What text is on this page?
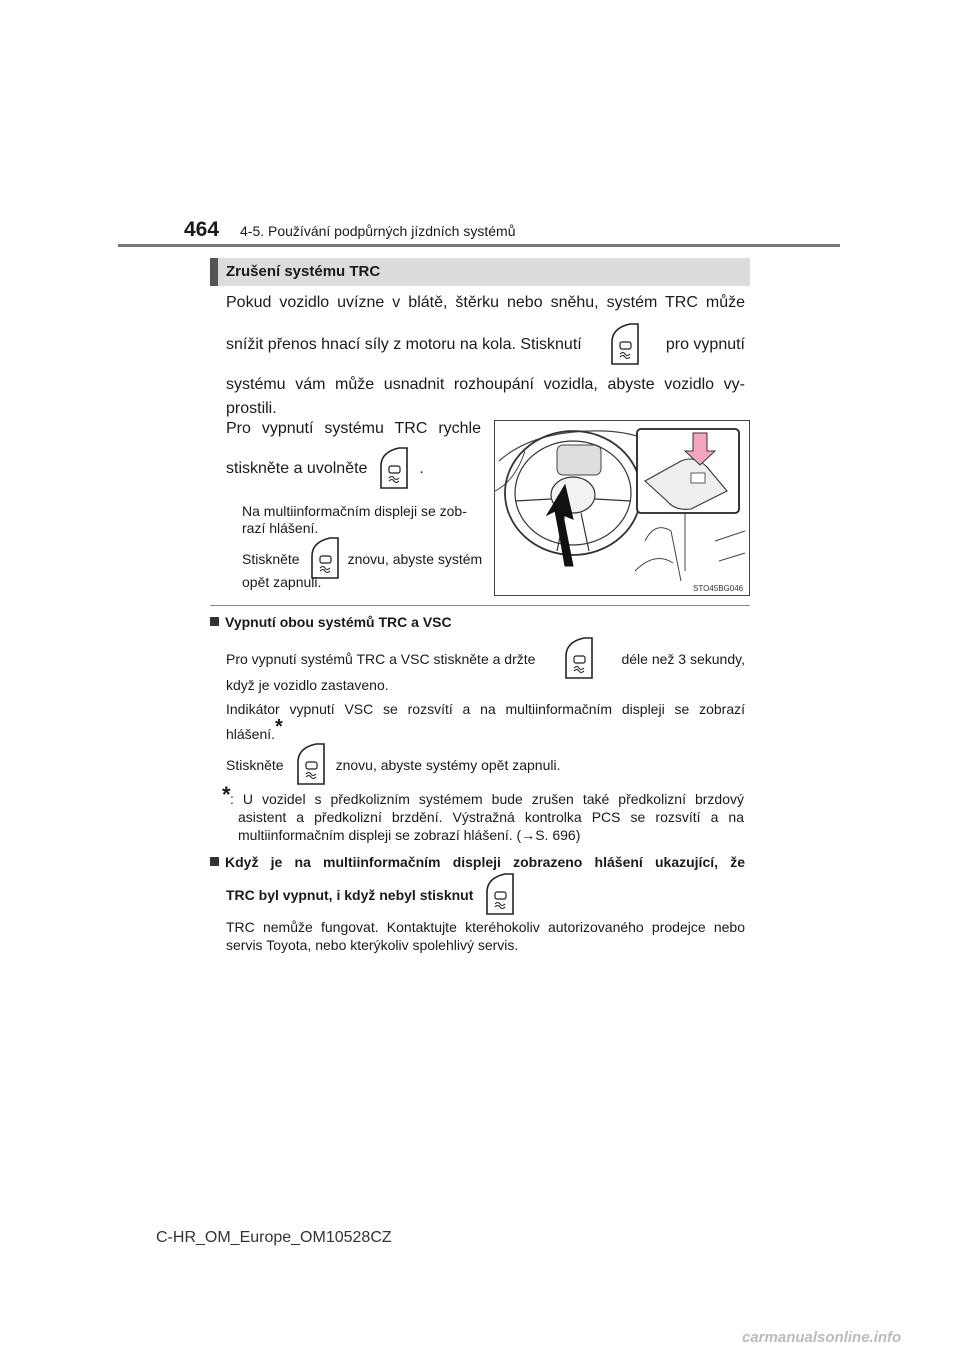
464 4-5. Používání podpůrných jízdních systémů
Zrušení systému TRC
Pokud vozidlo uvízne v blátě, štěrku nebo sněhu, systém TRC může
snížit přenos hnací síly z motoru na kola. Stisknutí	pro vypnutí
systému vám může usnadnit rozhoupání vozidla, abyste vozidlo vy-
prostili.
Pro vypnutí systému TRC rychle
stiskněte a uvolněte	.
Na multiinformačním displeji se zob-
razí hlášení.
Stiskněte	znovu, abyste systém
opět zapnuli.	STO45BG046
Vypnutí obou systémů TRC a VSC
Pro vypnutí systémů TRC a VSC stiskněte a držte	déle než 3 sekundy,
když je vozidlo zastaveno.
Indikátor vypnutí VSC se rozsvítí a na multiinformačním displeji se zobrazí
hlášení.*
Stiskněte	znovu, abyste systémy opět zapnuli.
* : U vozidel s předkolizním systémem bude zrušen také předkolizní brzdový
asistent a předkolizní brzdění. Výstražná kontrolka PCS se rozsvítí a na
multiinformačním displeji se zobrazí hlášení. (→S. 696)
Když je na multiinformačním displeji zobrazeno hlášení ukazující, že
TRC byl vypnut, i když nebyl stisknut
TRC nemůže fungovat. Kontaktujte kteréhokoliv autorizovaného prodejce nebo
servis Toyota, nebo kterýkoliv spolehlivý servis.
C-HR_OM_Europe_OM10528CZ
carmanualsonline.info
